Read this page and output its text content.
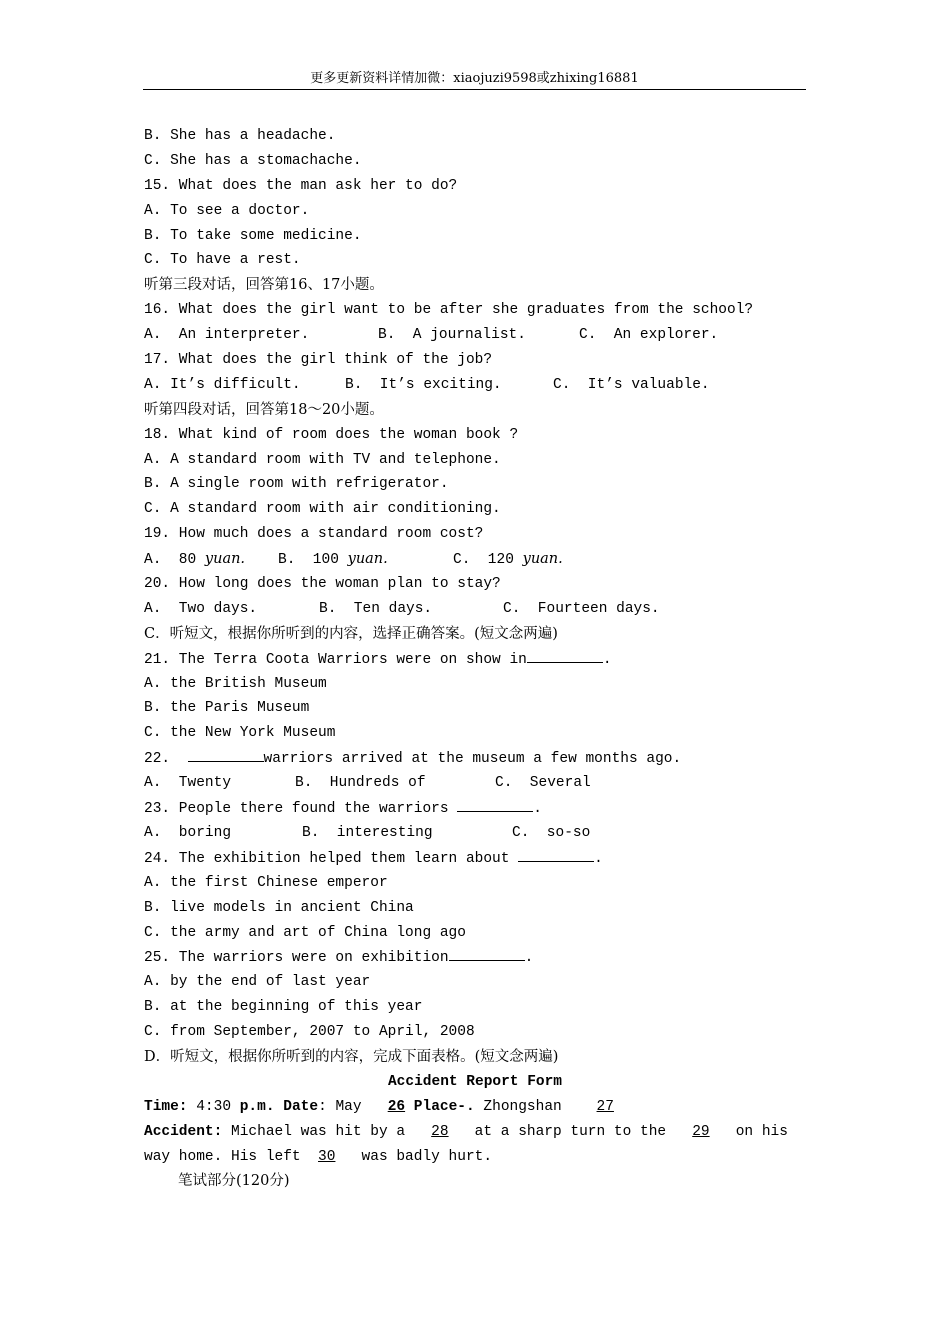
更多更新资料详情加微：xiaojuzi9598或zhixing16881
B. She has a headache.
C. She has a stomachache.
15. What does the man ask her to do?
A. To see a doctor.
B. To take some medicine.
C. To have a rest.
听第三段对话，回答第16、17小题。
16. What does the girl want to be after she graduates from the school?
A.  An interpreter.	B.  A journalist.	C.  An explorer.
17. What does the girl think of the job?
A. It’s difficult.	B.  It’s exciting.	C.  It’s valuable.
听第四段对话，回答第18～20小题。
18. What kind of room does the woman book ?
A. A standard room with TV and telephone.
B. A single room with refrigerator.
C. A standard room with air conditioning.
19. How much does a standard room cost?
A.  80 yuan. B.  100 yuan.	C.  120 yuan.
20. How long does the woman plan to stay?
A.  Two days.	B.  Ten days.	C.  Fourteen days.
C．听短文，根据你所听到的内容，选择正确答案。(短文念两遍)
21. The Terra Coota Warriors were on show in	.
A. the British Museum
B. the Paris Museum
C. the New York Museum
22.	warriors arrived at the museum a few months ago.
A.  Twenty	B.  Hundreds of	C.  Several
23. People there found the warriors	.
A.  boring	B.  interesting	C.  so-so
24. The exhibition helped them learn about	.
A. the first Chinese emperor
B. live models in ancient China
C. the army and art of China long ago
25. The warriors were on exhibition	.
A. by the end of last year
B. at the beginning of this year
C. from September, 2007 to April, 2008
D．听短文，根据你所听到的内容，完成下面表格。(短文念两遍)
Accident Report Form
Time: 4:30 p.m. Date: May   26 Place-. Zhongshan    27
Accident: Michael was hit by a   28   at a sharp turn to the   29   on his
way home. His left  30   was badly hurt.
笔试部分(120分)
